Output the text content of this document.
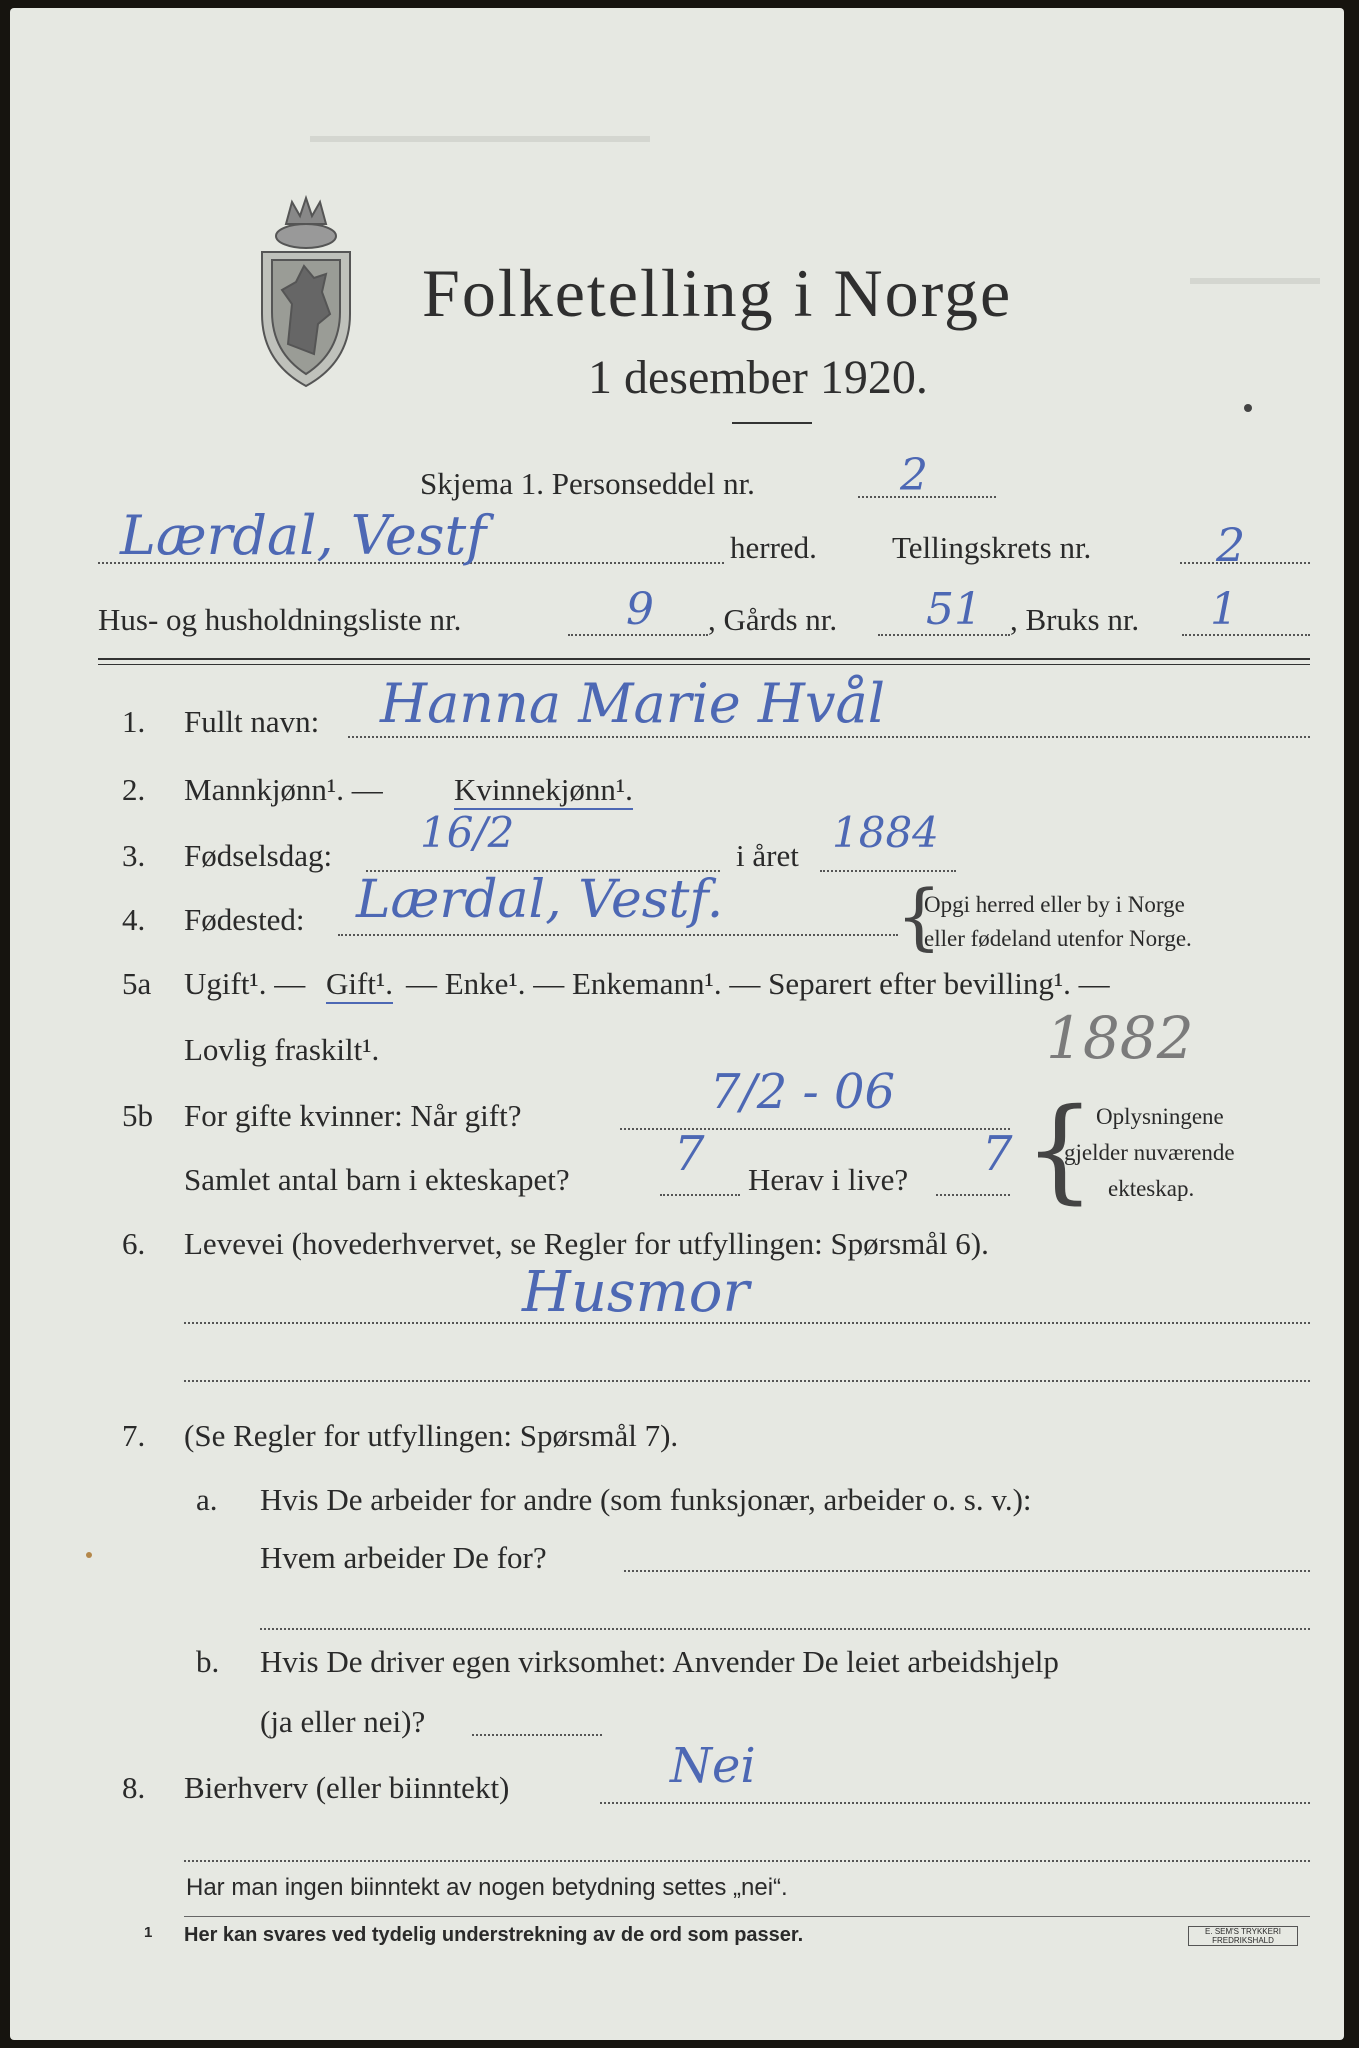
Folketelling i Norge
1 desember 1920.
Skjema 1. Personseddel nr.	2
Lærdal, Vestf	herred. Tellingskrets nr.	2
Hus- og husholdningsliste nr.	9 , Gårds nr. 51 , Bruks nr. 1
1. Fullt navn: Hanna Marie Hvål
2. Mannkjønn¹. — Kvinnekjønn¹.
3. Fødselsdag: 16/2	i året 1884
4. Fødested: Lærdal, Vestf. {
Opgi herred eller by i Norge
eller fødeland utenfor Norge.
5a Ugift¹. — Gift¹. — Enke¹. — Enkemann¹. — Separert efter bevilling¹. —
Lovlig fraskilt¹.	1882
5b For gifte kvinner: Når gift?	7/2 - 06
Samlet antal barn i ekteskapet? 7 Herav i live? 7 { Oplysningene
gjelder nuværende
ekteskap.
6. Levevei (hovederhvervet, se Regler for utfyllingen: Spørsmål 6).
Husmor
7. (Se Regler for utfyllingen: Spørsmål 7).
a. Hvis De arbeider for andre (som funksjonær, arbeider o. s. v.):
Hvem arbeider De for?
b. Hvis De driver egen virksomhet: Anvender De leiet arbeidshjelp
(ja eller nei)?
8. Bierhverv (eller biinntekt)	Nei
Har man ingen biinntekt av nogen betydning settes „nei“.
1 Her kan svares ved tydelig understrekning av de ord som passer.	E. SEM'S TRYKKERI FREDRIKSHALD
